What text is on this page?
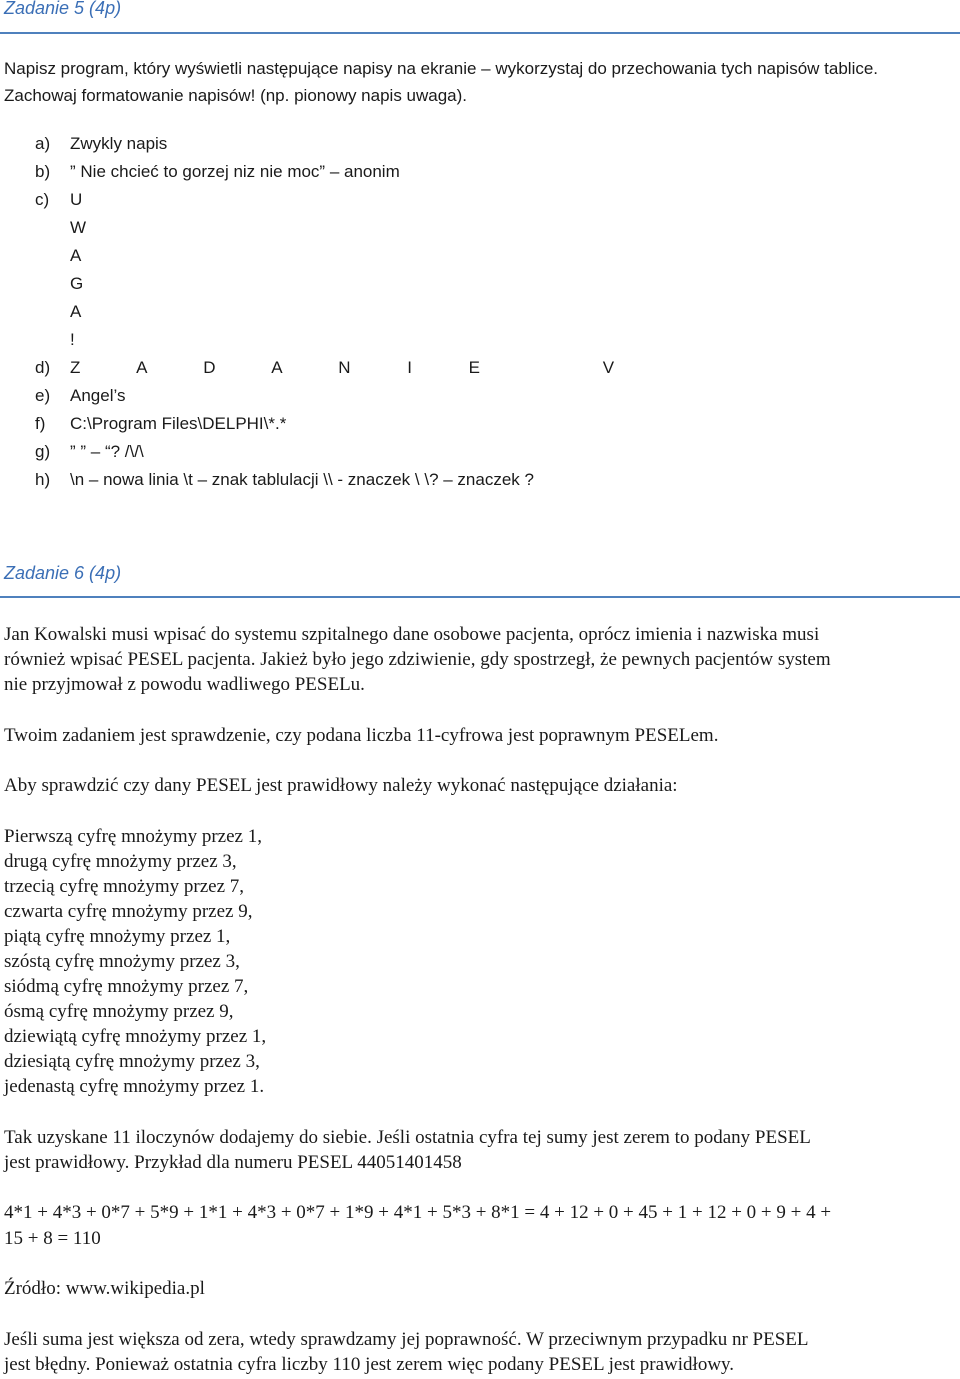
Zadanie 5 (4p)
Napisz program, który wyświetli następujące napisy na ekranie – wykorzystaj do przechowania tych napisów tablice.
Zachowaj formatowanie napisów! (np. pionowy napis uwaga).
a) Zwykly napis
b) ” Nie chcieć to gorzej niz nie moc” – anonim
c) U
W
A
G
A
!
d) Z            A            D            A            N            I            E                          V
e) Angel’s
f) C:\Program Files\DELPHI\*.*
g) ” ” – “? /\/\
h) \n – nowa linia \t – znak tablulacji \\ - znaczek \ \? – znaczek ?
Zadanie 6 (4p)
Jan Kowalski musi wpisać do systemu szpitalnego dane osobowe pacjenta, oprócz imienia i nazwiska musi
również wpisać PESEL pacjenta. Jakież było jego zdziwienie, gdy spostrzegł, że pewnych pacjentów system
nie przyjmował z powodu wadliwego PESELu.
Twoim zadaniem jest sprawdzenie, czy podana liczba 11-cyfrowa jest poprawnym PESELem.
Aby sprawdzić czy dany PESEL jest prawidłowy należy wykonać następujące działania:
Pierwszą cyfrę mnożymy przez 1,
drugą cyfrę mnożymy przez 3,
trzecią cyfrę mnożymy przez 7,
czwarta cyfrę mnożymy przez 9,
piątą cyfrę mnożymy przez 1,
szóstą cyfrę mnożymy przez 3,
siódmą cyfrę mnożymy przez 7,
ósmą cyfrę mnożymy przez 9,
dziewiątą cyfrę mnożymy przez 1,
dziesiątą cyfrę mnożymy przez 3,
jedenastą cyfrę mnożymy przez 1.
Tak uzyskane 11 iloczynów dodajemy do siebie. Jeśli ostatnia cyfra tej sumy jest zerem to podany PESEL
jest prawidłowy. Przykład dla numeru PESEL 44051401458
4*1 + 4*3 + 0*7 + 5*9 + 1*1 + 4*3 + 0*7 + 1*9 + 4*1 + 5*3 + 8*1 = 4 + 12 + 0 + 45 + 1 + 12 + 0 + 9 + 4 +
15 + 8 = 110
Źródło: www.wikipedia.pl
Jeśli suma jest większa od zera, wtedy sprawdzamy jej poprawność. W przeciwnym przypadku nr PESEL
jest błędny. Ponieważ ostatnia cyfra liczby 110 jest zerem więc podany PESEL jest prawidłowy.
